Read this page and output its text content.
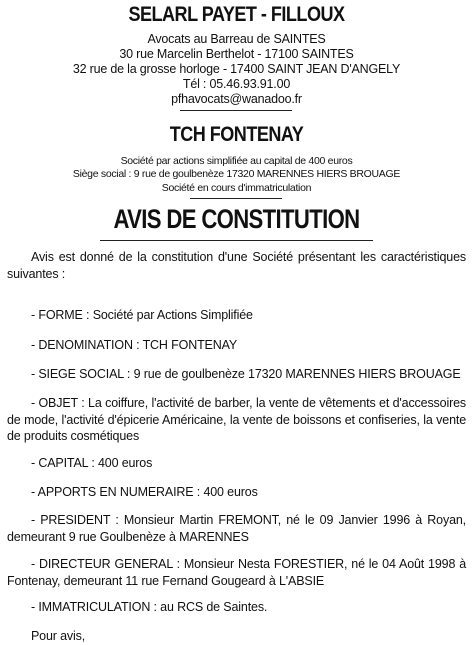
SELARL PAYET - FILLOUX
Avocats au Barreau de SAINTES
30 rue Marcelin Berthelot - 17100 SAINTES
32 rue de la grosse horloge - 17400 SAINT JEAN D'ANGELY
Tél : 05.46.93.91.00
pfhavocats@wanadoo.fr
TCH FONTENAY
Société par actions simplifiée au capital de 400 euros
Siège social : 9 rue de goulbenèze 17320 MARENNES HIERS BROUAGE
Société en cours d'immatriculation
AVIS DE CONSTITUTION
Avis est donné de la constitution d'une Société présentant les caractéristiques suivantes :
- FORME : Société par Actions Simplifiée
- DENOMINATION : TCH FONTENAY
- SIEGE SOCIAL : 9 rue de goulbenèze 17320 MARENNES HIERS BROUAGE
- OBJET : La coiffure, l'activité de barber, la vente de vêtements et d'accessoires de mode, l'activité d'épicerie Américaine, la vente de boissons et confiseries, la vente de produits cosmétiques
- CAPITAL : 400 euros
- APPORTS EN NUMERAIRE : 400 euros
- PRESIDENT : Monsieur Martin FREMONT, né le 09 Janvier 1996 à Royan, demeurant 9 rue Goulbenèze à MARENNES
- DIRECTEUR GENERAL : Monsieur Nesta FORESTIER, né le 04 Août 1998 à Fontenay, demeurant 11 rue Fernand Gougeard à L'ABSIE
- IMMATRICULATION : au RCS de Saintes.
Pour avis,
